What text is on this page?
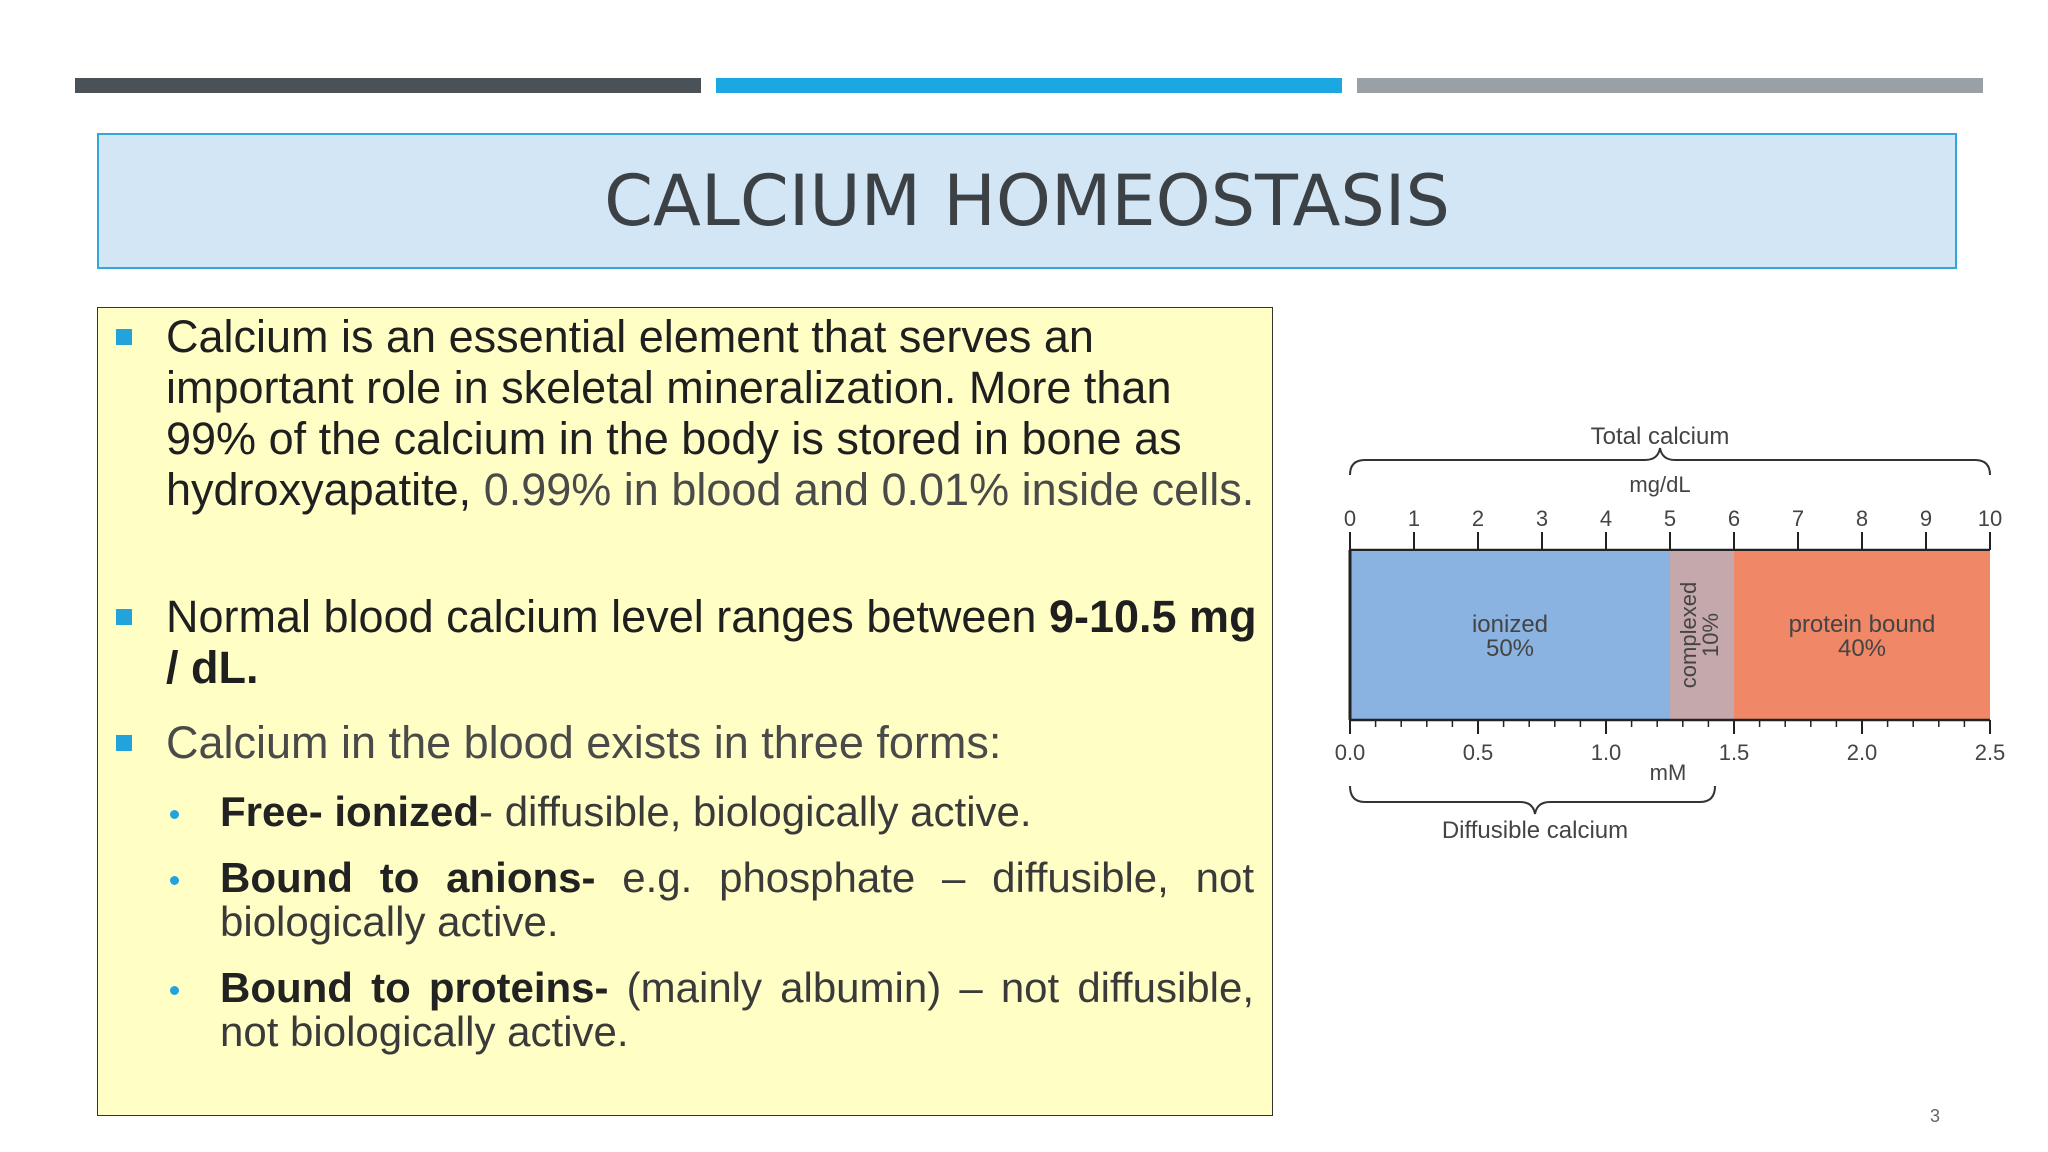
CALCIUM HOMEOSTASIS
Calcium is an essential element that serves an important role in skeletal mineralization. More than 99% of the calcium in the body is stored in bone as hydroxyapatite, 0.99% in blood and 0.01% inside cells.
Normal blood calcium level ranges between 9-10.5 mg / dL.
Calcium in the blood exists in three forms:
Free- ionized- diffusible, biologically active.
Bound to anions- e.g. phosphate – diffusible, not biologically active.
Bound to proteins- (mainly albumin) – not diffusible, not biologically active.
Total calcium
mg/dL
0 1 2 3 4 5 6 7 8 9 10
ionized
50%	complexed
10%	protein bound
40%
0.0	0.5	1.0	1.5	2.0	2.5
mM
Diffusible calcium
3
